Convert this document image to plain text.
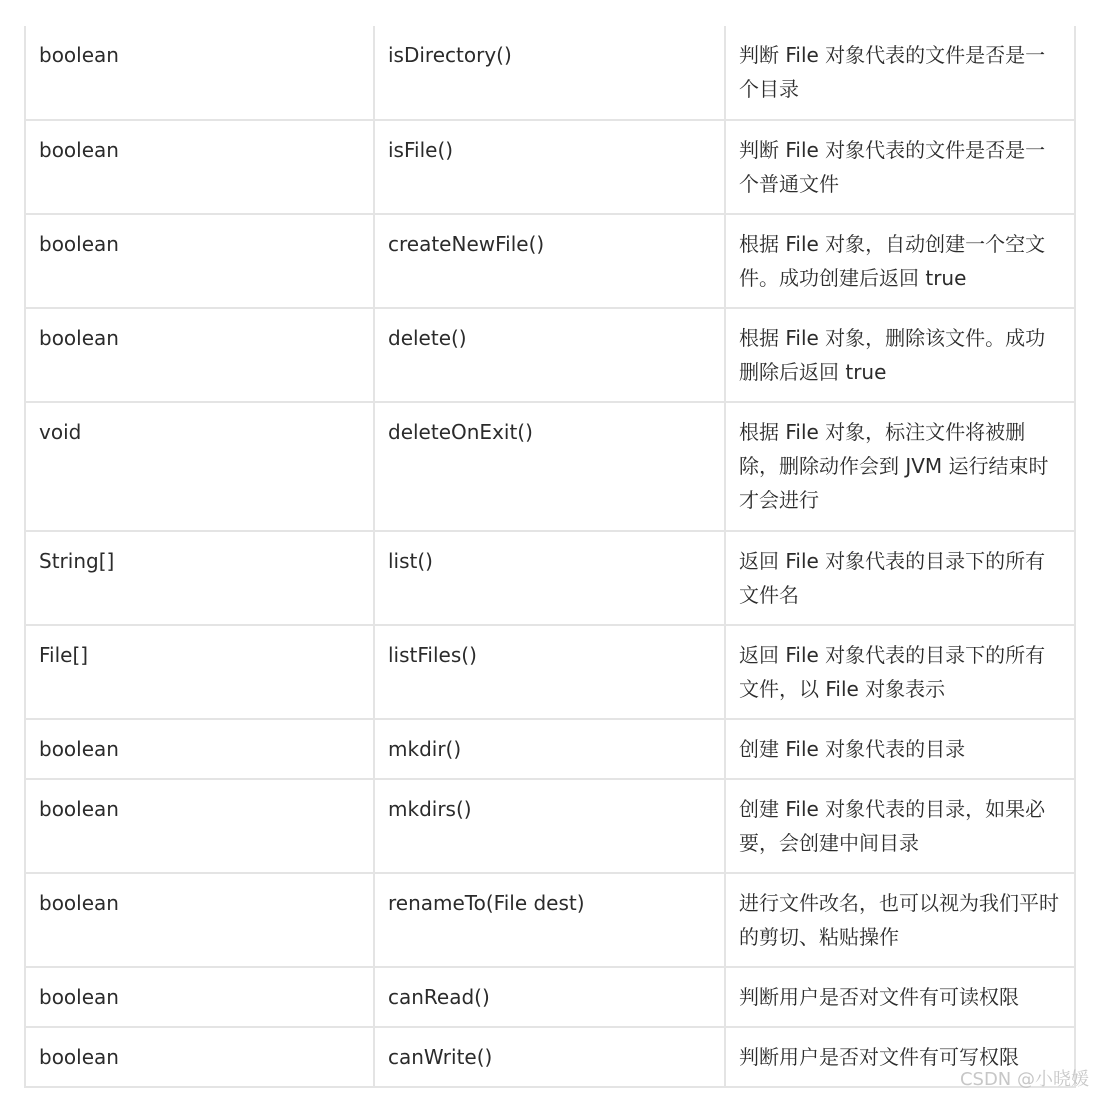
boolean	isDirectory()	判断 File 对象代表的文件是否是一个目录
boolean	isFile()	判断 File 对象代表的文件是否是一个普通文件
boolean	createNewFile()	根据 File 对象，自动创建一个空文件。成功创建后返回 true
boolean	delete()	根据 File 对象，删除该文件。成功删除后返回 true
void	deleteOnExit()	根据 File 对象，标注文件将被删除，删除动作会到 JVM 运行结束时才会进行
String[]	list()	返回 File 对象代表的目录下的所有文件名
File[]	listFiles()	返回 File 对象代表的目录下的所有文件，以 File 对象表示
boolean	mkdir()	创建 File 对象代表的目录
boolean	mkdirs()	创建 File 对象代表的目录，如果必要，会创建中间目录
boolean	renameTo(File dest)	进行文件改名，也可以视为我们平时的剪切、粘贴操作
boolean	canRead()	判断用户是否对文件有可读权限
boolean	canWrite()	判断用户是否对文件有可写权限
CSDN @小晓媛
